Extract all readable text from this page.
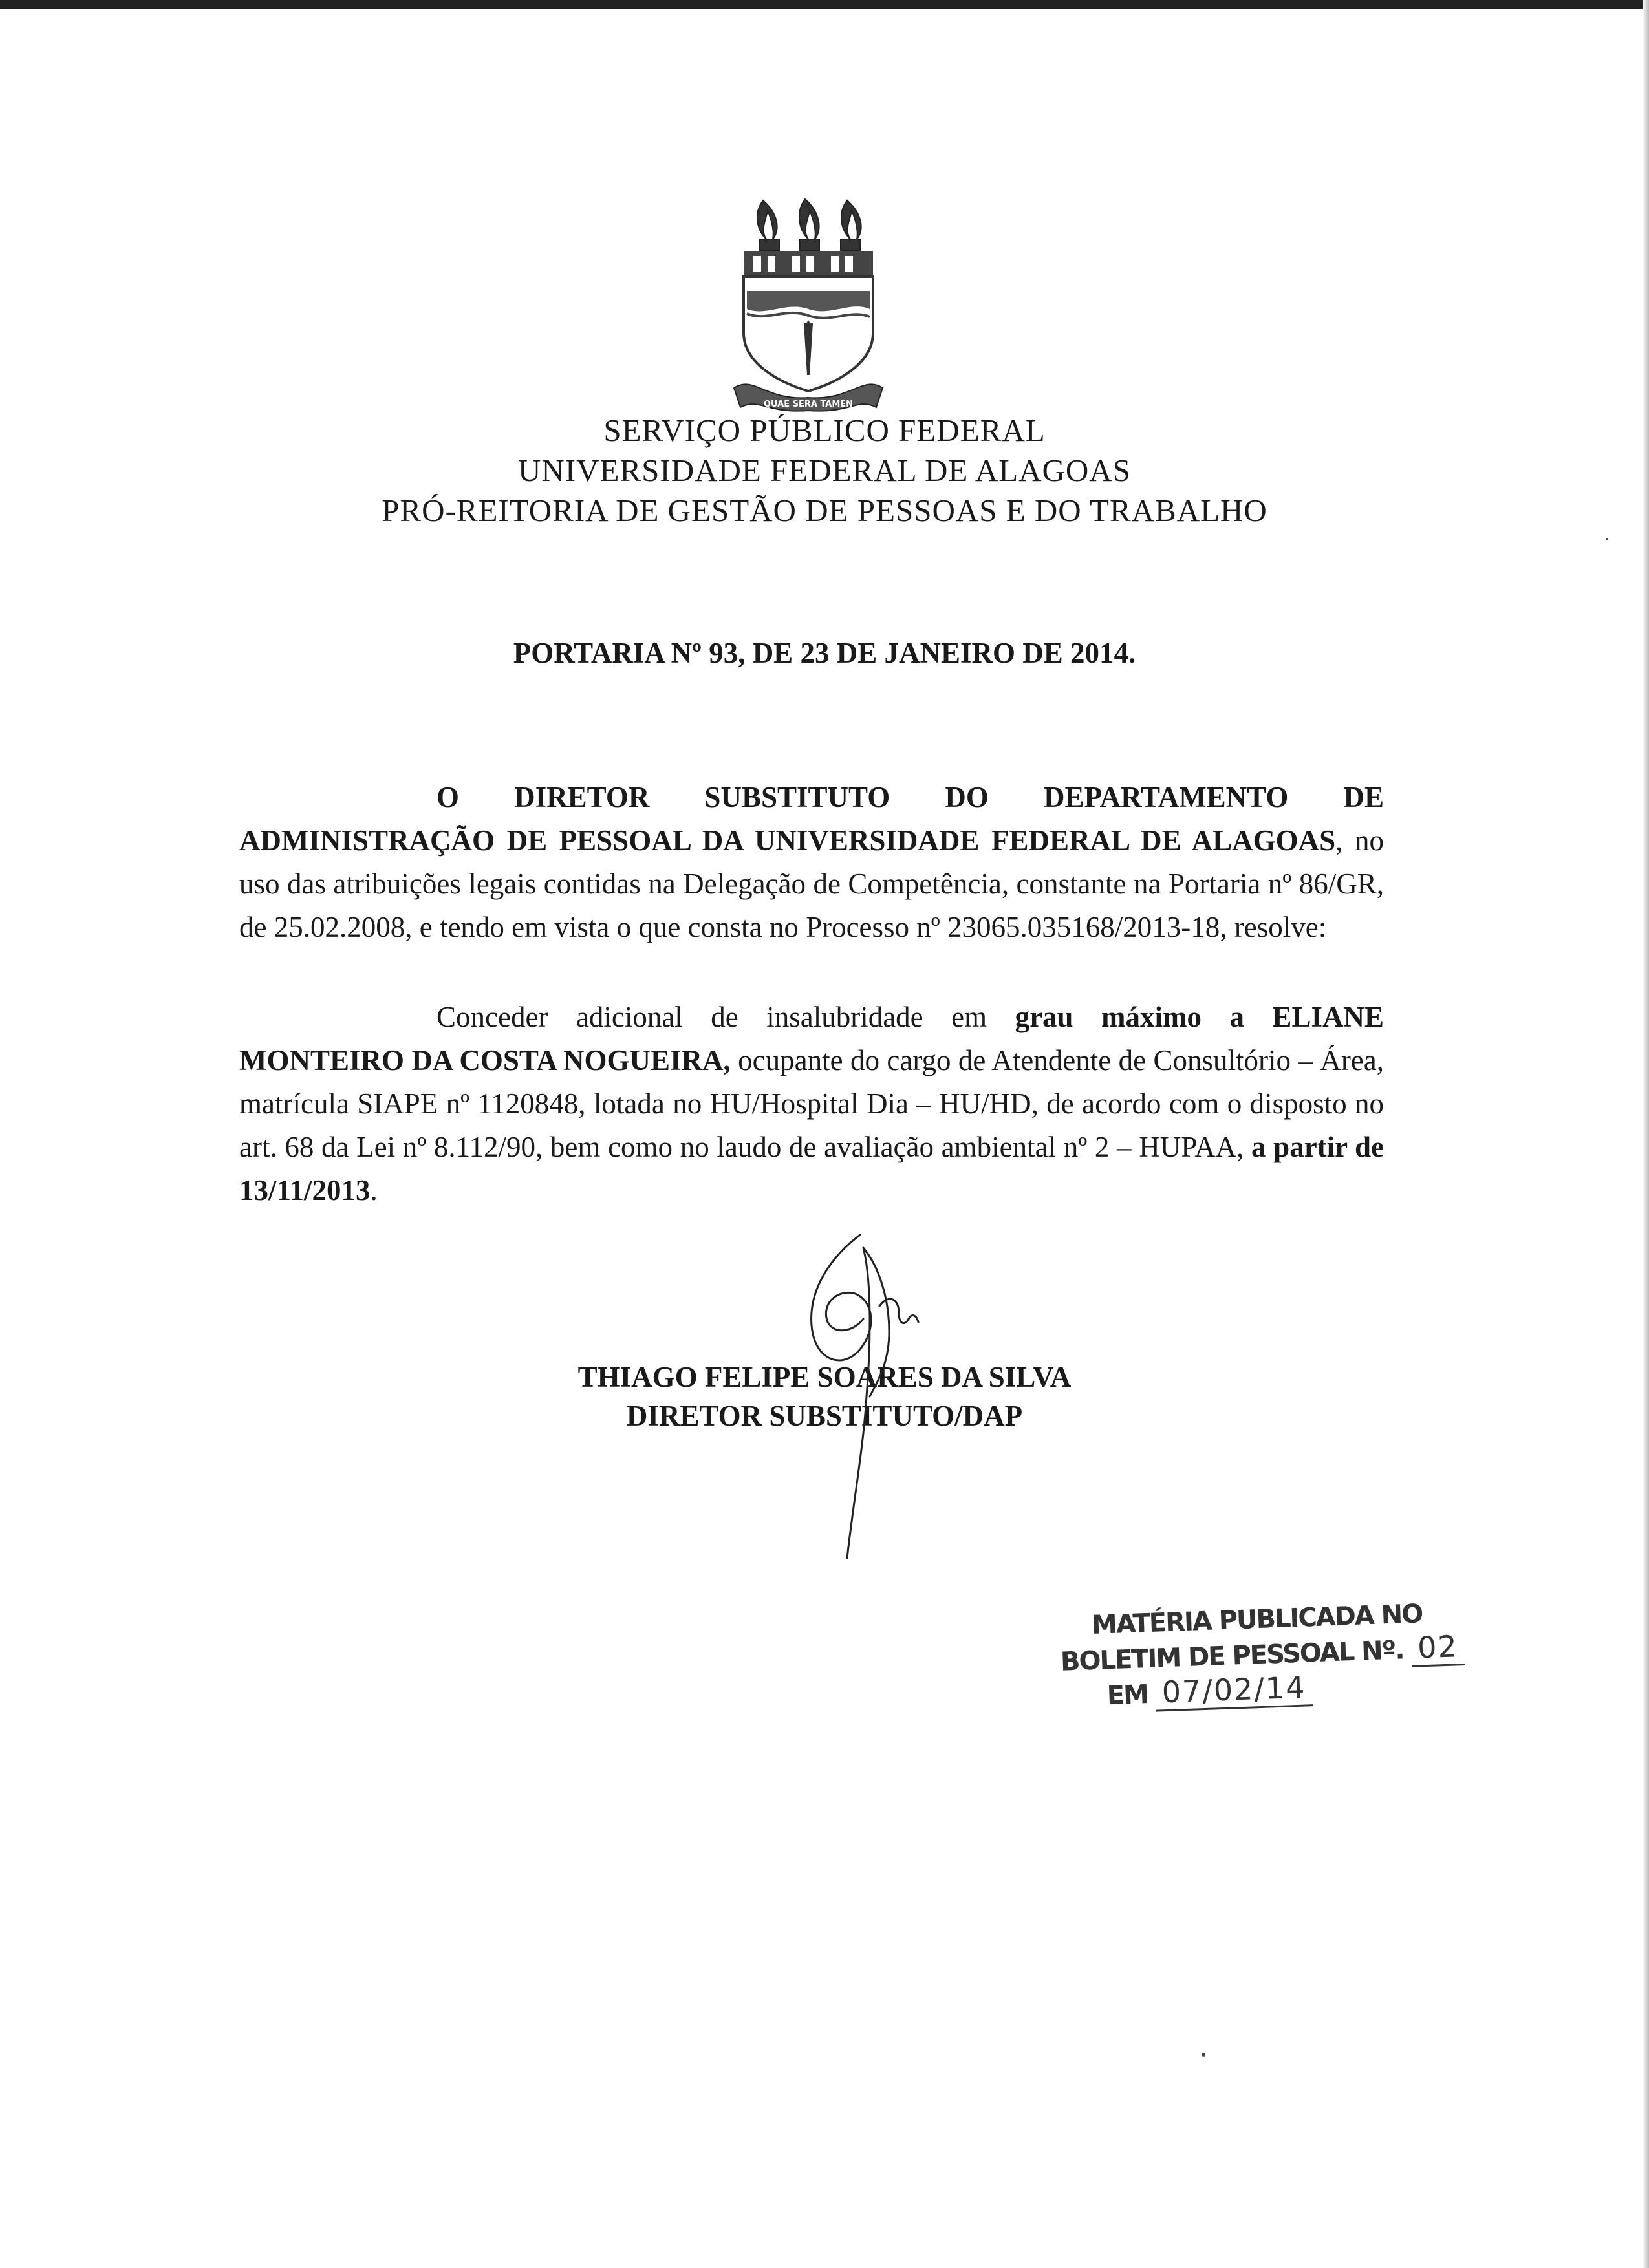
QUAE SERA TAMEN
SERVIÇO PÚBLICO FEDERAL
UNIVERSIDADE FEDERAL DE ALAGOAS
PRÓ-REITORIA DE GESTÃO DE PESSOAS E DO TRABALHO
PORTARIA Nº 93, DE 23 DE JANEIRO DE 2014.
O DIRETOR SUBSTITUTO DO DEPARTAMENTO DE ADMINISTRAÇÃO DE PESSOAL DA UNIVERSIDADE FEDERAL DE ALAGOAS, no uso das atribuições legais contidas na Delegação de Competência, constante na Portaria nº 86/GR, de 25.02.2008, e tendo em vista o que consta no Processo nº 23065.035168/2013-18, resolve:
Conceder adicional de insalubridade em grau máximo a ELIANE MONTEIRO DA COSTA NOGUEIRA, ocupante do cargo de Atendente de Consultório – Área, matrícula SIAPE nº 1120848, lotada no HU/Hospital Dia – HU/HD, de acordo com o disposto no art. 68 da Lei nº 8.112/90, bem como no laudo de avaliação ambiental nº 2 – HUPAA, a partir de 13/11/2013.
THIAGO FELIPE SOARES DA SILVA
DIRETOR SUBSTITUTO/DAP
MATÉRIA PUBLICADA NO
BOLETIM DE PESSOAL Nº. 02
EM 07/02/14
